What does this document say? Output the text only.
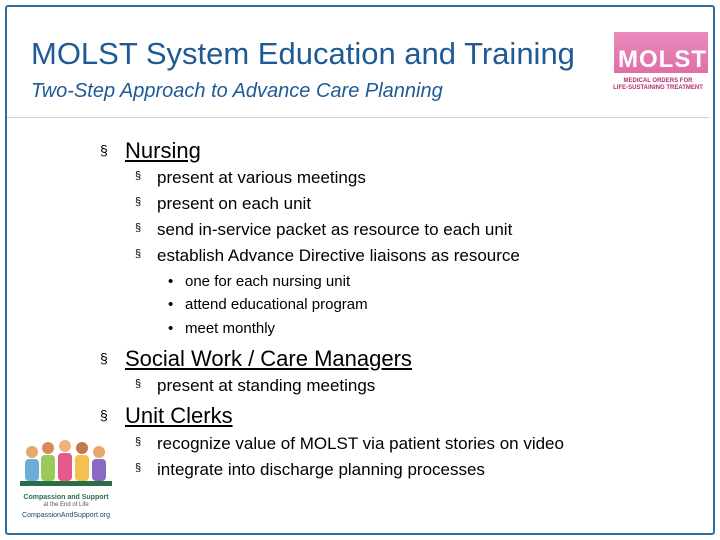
MOLST System Education and Training
Two-Step Approach to Advance Care Planning
MOLST
MEDICAL ORDERS FOR
LIFE-SUSTAINING TREATMENT
§ Nursing
§ present at various meetings
§ present on each unit
§ send in-service packet as resource to each unit
§ establish Advance Directive liaisons as resource
• one for each nursing unit
• attend educational program
• meet monthly
§ Social Work / Care Managers
§ present at standing meetings
§ Unit Clerks
§ recognize value of MOLST via patient stories on video
§ integrate into discharge planning processes
Compassion and Support
at the End of Life
CompassionAndSupport.org
